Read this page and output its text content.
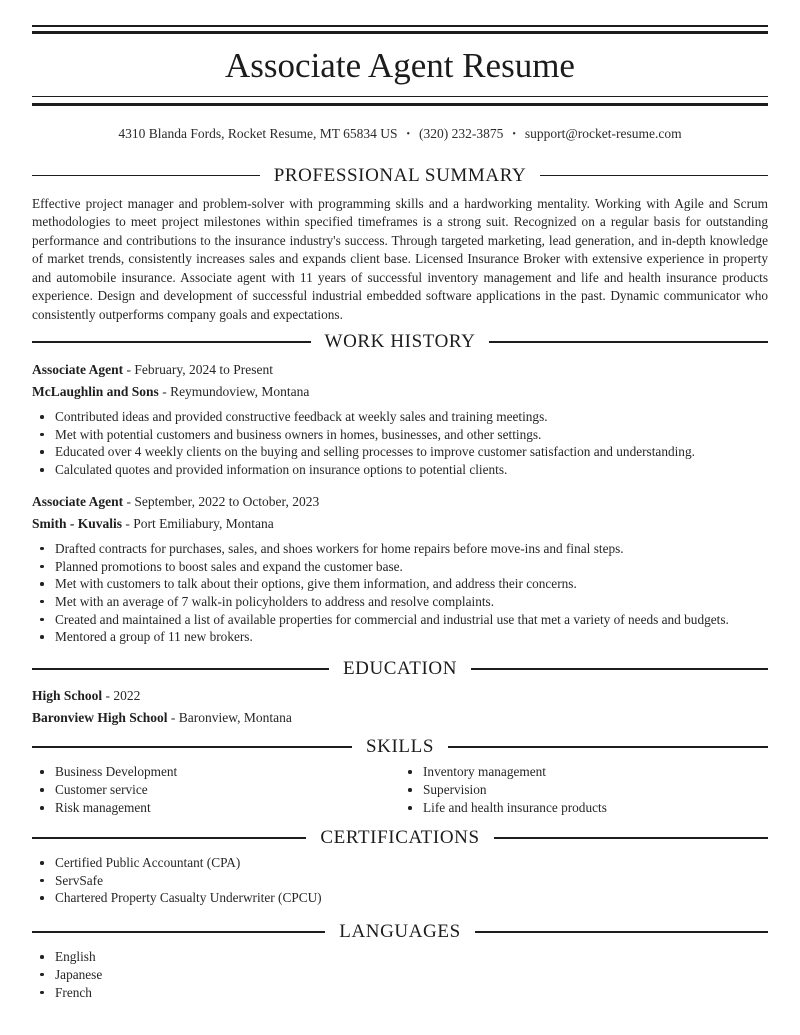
Associate Agent Resume
4310 Blanda Fords, Rocket Resume, MT 65834 US • (320) 232-3875 • support@rocket-resume.com
PROFESSIONAL SUMMARY

Effective project manager and problem-solver with programming skills and a hardworking mentality. Working with Agile and Scrum methodologies to meet project milestones within specified timeframes is a strong suit. Recognized on a regular basis for outstanding performance and contributions to the insurance industry's success. Through targeted marketing, lead generation, and in-depth knowledge of market trends, consistently increases sales and expands client base. Licensed Insurance Broker with extensive experience in property and automobile insurance. Associate agent with 11 years of successful inventory management and life and health insurance products experience. Design and development of successful industrial embedded software applications in the past. Dynamic communicator who consistently outperforms company goals and expectations.

WORK HISTORY
Associate Agent - February, 2024 to Present
McLaughlin and Sons - Reymundoview, Montana
Contributed ideas and provided constructive feedback at weekly sales and training meetings.
Met with potential customers and business owners in homes, businesses, and other settings.
Educated over 4 weekly clients on the buying and selling processes to improve customer satisfaction and understanding.
Calculated quotes and provided information on insurance options to potential clients.
Associate Agent - September, 2022 to October, 2023
Smith - Kuvalis - Port Emiliabury, Montana
Drafted contracts for purchases, sales, and shoes workers for home repairs before move-ins and final steps.
Planned promotions to boost sales and expand the customer base.
Met with customers to talk about their options, give them information, and address their concerns.
Met with an average of 7 walk-in policyholders to address and resolve complaints.
Created and maintained a list of available properties for commercial and industrial use that met a variety of needs and budgets.
Mentored a group of 11 new brokers.
EDUCATION
High School - 2022
Baronview High School - Baronview, Montana
SKILLS
Business Development
Customer service
Risk management
Inventory management
Supervision
Life and health insurance products
CERTIFICATIONS
Certified Public Accountant (CPA)
ServSafe
Chartered Property Casualty Underwriter (CPCU)
LANGUAGES
English
Japanese
French
